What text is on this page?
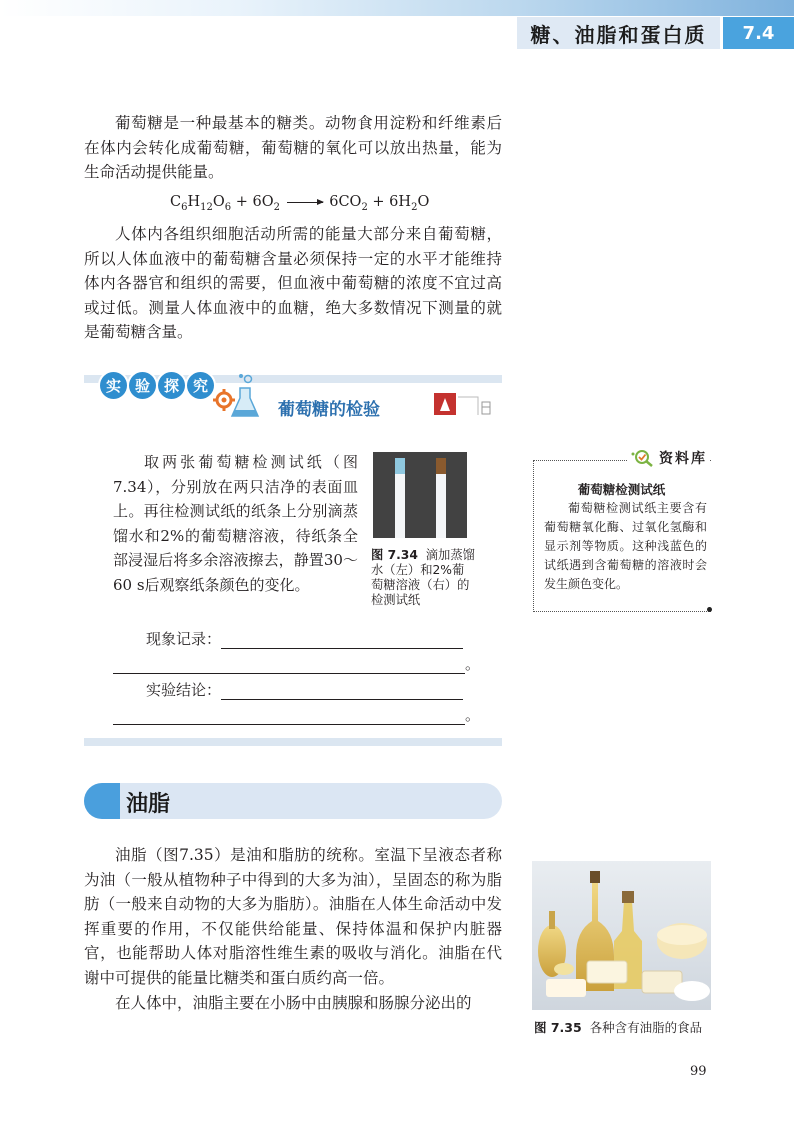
糖、油脂和蛋白质	7.4

葡萄糖是一种最基本的糖类。动物食用淀粉和纤维素后在体内会转化成葡萄糖，葡萄糖的氧化可以放出热量，能为生命活动提供能量。

$C_6H_{12}O_6 + 6O_2 \to 6CO_2 + 6H_2O$

人体内各组织细胞活动所需的能量大部分来自葡萄糖，所以人体血液中的葡萄糖含量必须保持一定的水平才能维持体内各器官和组织的需要，但血液中葡萄糖的浓度不宜过高或过低。测量人体血液中的血糖，绝大多数情况下测量的就是葡萄糖含量。

实 验 探 究
葡萄糖的检验

取两张葡萄糖检测试纸（图7.34），分别放在两只洁净的表面皿上。再往检测试纸的纸条上分别滴蒸馏水和2%的葡萄糖溶液，待纸条全部浸湿后将多余溶液擦去，静置30～60 s后观察纸条颜色的变化。

图 7.34 滴加蒸馏水（左）和2%葡萄糖溶液（右）的检测试纸
现象记录：
。
实验结论：
。
资料库
葡萄糖检测试纸

葡萄糖检测试纸主要含有葡萄糖氧化酶、过氧化氢酶和显示剂等物质。这种浅蓝色的试纸遇到含葡萄糖的溶液时会发生颜色变化。

油脂

油脂（图7.35）是油和脂肪的统称。室温下呈液态者称为油（一般从植物种子中得到的大多为油），呈固态的称为脂肪（一般来自动物的大多为脂肪）。油脂在人体生命活动中发挥重要的作用，不仅能供给能量、保持体温和保护内脏器官，也能帮助人体对脂溶性维生素的吸收与消化。油脂在代谢中可提供的能量比糖类和蛋白质约高一倍。

在人体中，油脂主要在小肠中由胰腺和肠腺分泌出的

图 7.35 各种含有油脂的食品
99
